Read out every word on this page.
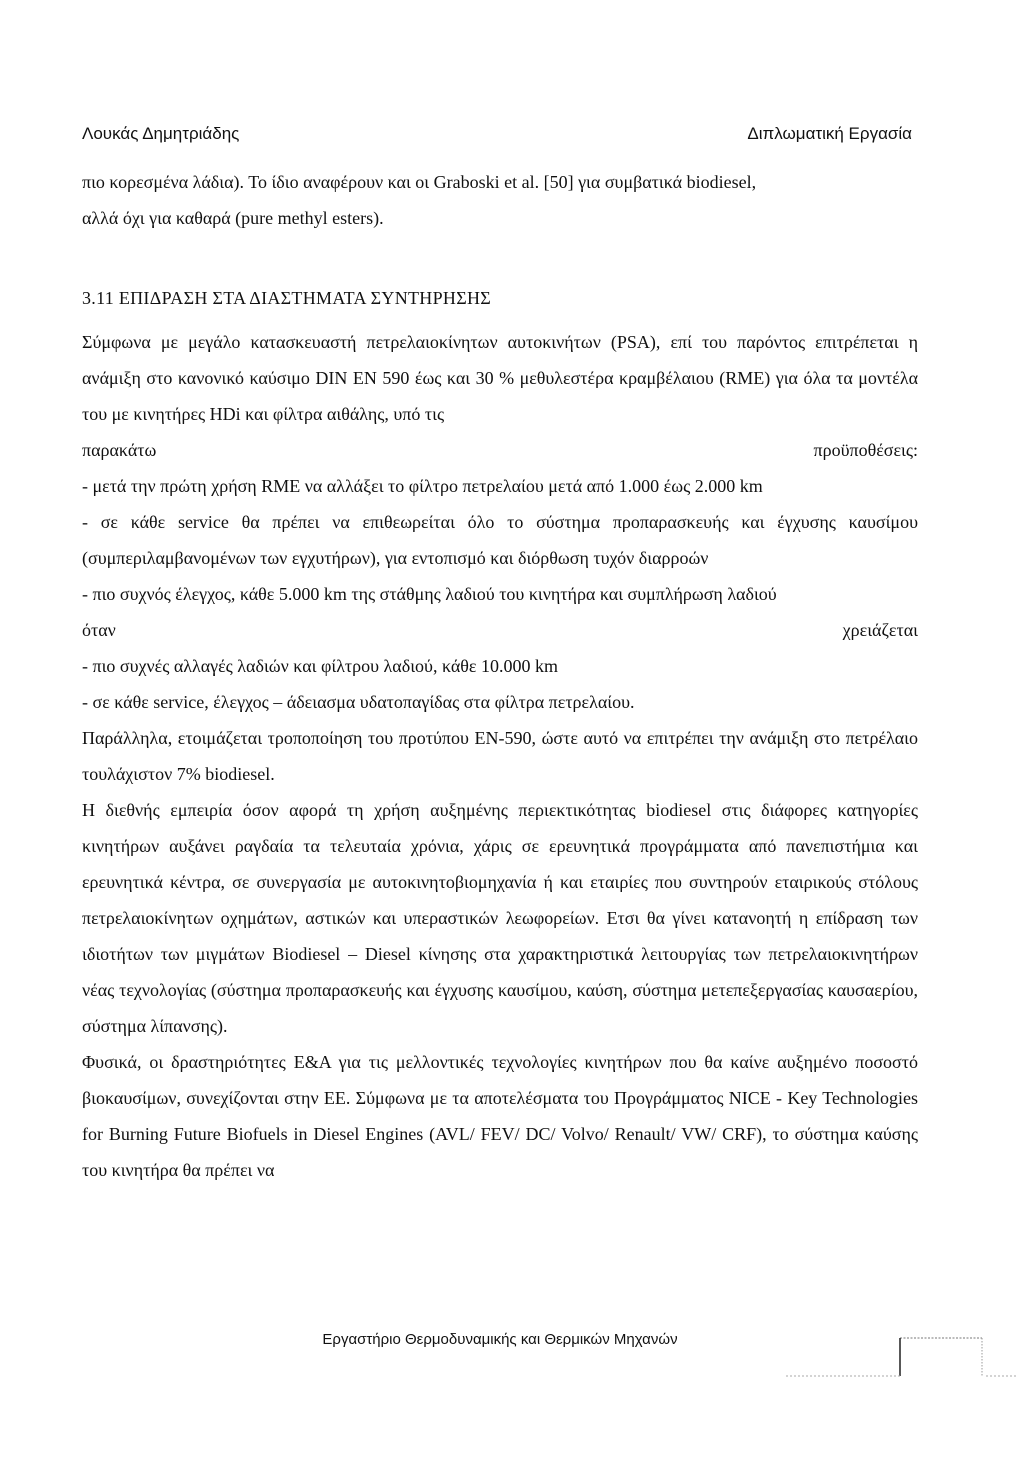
Λουκάς Δημητριάδης	Διπλωματική Εργασία

πιο κορεσμένα λάδια). Το ίδιο αναφέρουν και οι Graboski et al. [50] για συμβατικά biodiesel,

αλλά όχι για καθαρά (pure methyl esters).

3.11 ΕΠΙΔΡΑΣΗ ΣΤΑ ΔΙΑΣΤΗΜΑΤΑ ΣΥΝΤΗΡΗΣΗΣ

Σύμφωνα με μεγάλο κατασκευαστή πετρελαιοκίνητων αυτοκινήτων (PSA), επί του παρόντος επιτρέπεται η ανάμιξη στο κανονικό καύσιμο DIN EN 590 έως και 30 % μεθυλεστέρα κραμβέλαιου (RME) για όλα τα μοντέλα του με κινητήρες HDi και φίλτρα αιθάλης, υπό τις

παρακάτω	προϋποθέσεις:

- μετά την πρώτη χρήση RME να αλλάξει το φίλτρο πετρελαίου μετά από 1.000 έως 2.000 km

- σε κάθε service θα πρέπει να επιθεωρείται όλο το σύστημα προπαρασκευής και έγχυσης καυσίμου (συμπεριλαμβανομένων των εγχυτήρων), για εντοπισμό και διόρθωση τυχόν διαρροών

- πιο συχνός έλεγχος, κάθε 5.000 km της στάθμης λαδιού του κινητήρα και συμπλήρωση λαδιού

όταν	χρειάζεται

- πιο συχνές αλλαγές λαδιών και φίλτρου λαδιού, κάθε 10.000 km

- σε κάθε service, έλεγχος – άδειασμα υδατοπαγίδας στα φίλτρα πετρελαίου.

Παράλληλα, ετοιμάζεται τροποποίηση του προτύπου EN-590, ώστε αυτό να επιτρέπει την ανάμιξη στο πετρέλαιο τουλάχιστον 7% biodiesel.

Η διεθνής εμπειρία όσον αφορά τη χρήση αυξημένης περιεκτικότητας biodiesel στις διάφορες κατηγορίες κινητήρων αυξάνει ραγδαία τα τελευταία χρόνια, χάρις σε ερευνητικά προγράμματα από πανεπιστήμια και ερευνητικά κέντρα, σε συνεργασία με αυτοκινητοβιομηχανία ή και εταιρίες που συντηρούν εταιρικούς στόλους πετρελαιοκίνητων οχημάτων, αστικών και υπεραστικών λεωφορείων. Ετσι θα γίνει κατανοητή η επίδραση των ιδιοτήτων των μιγμάτων Biodiesel – Diesel κίνησης στα χαρακτηριστικά λειτουργίας των πετρελαιοκινητήρων νέας τεχνολογίας (σύστημα προπαρασκευής και έγχυσης καυσίμου, καύση, σύστημα μετεπεξεργασίας καυσαερίου, σύστημα λίπανσης).

Φυσικά, οι δραστηριότητες Ε&Α για τις μελλοντικές τεχνολογίες κινητήρων που θα καίνε αυξημένο ποσοστό βιοκαυσίμων, συνεχίζονται στην ΕΕ. Σύμφωνα με τα αποτελέσματα του Προγράμματος NICE - Key Technologies for Burning Future Biofuels in Diesel Engines (AVL/ FEV/ DC/ Volvo/ Renault/ VW/ CRF), το σύστημα καύσης του κινητήρα θα πρέπει να

Εργαστήριο Θερμοδυναμικής και Θερμικών Μηχανών
